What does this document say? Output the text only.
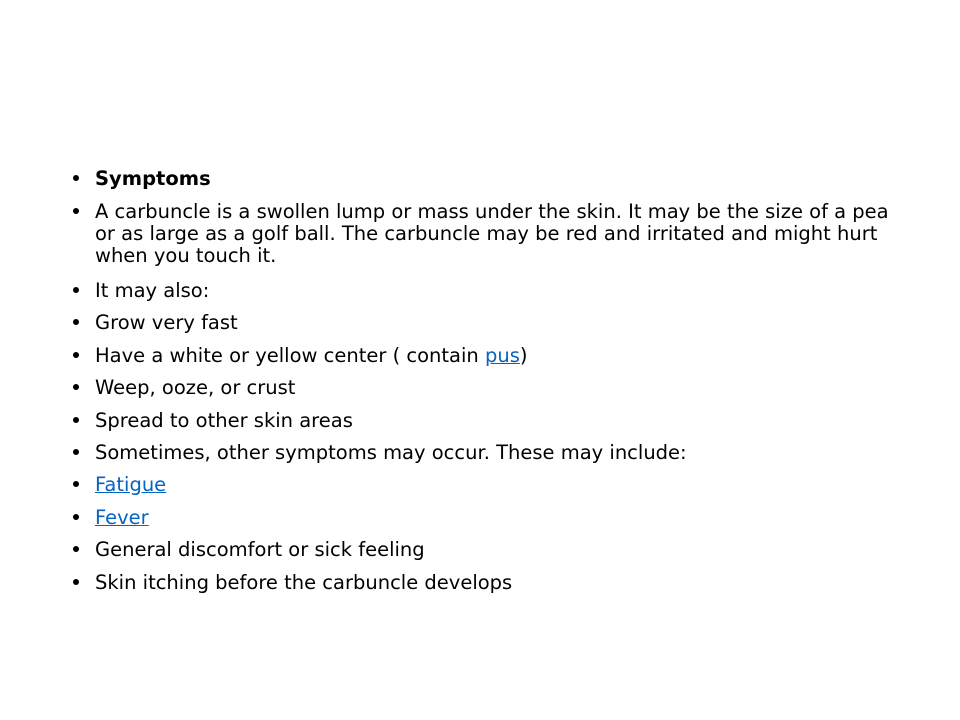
Symptoms
A carbuncle is a swollen lump or mass under the skin. It may be the size of a pea or as large as a golf ball. The carbuncle may be red and irritated and might hurt when you touch it.
It may also:
Grow very fast
Have a white or yellow center ( contain pus)
Weep, ooze, or crust
Spread to other skin areas
Sometimes, other symptoms may occur. These may include:
Fatigue
Fever
General discomfort or sick feeling
Skin itching before the carbuncle develops
